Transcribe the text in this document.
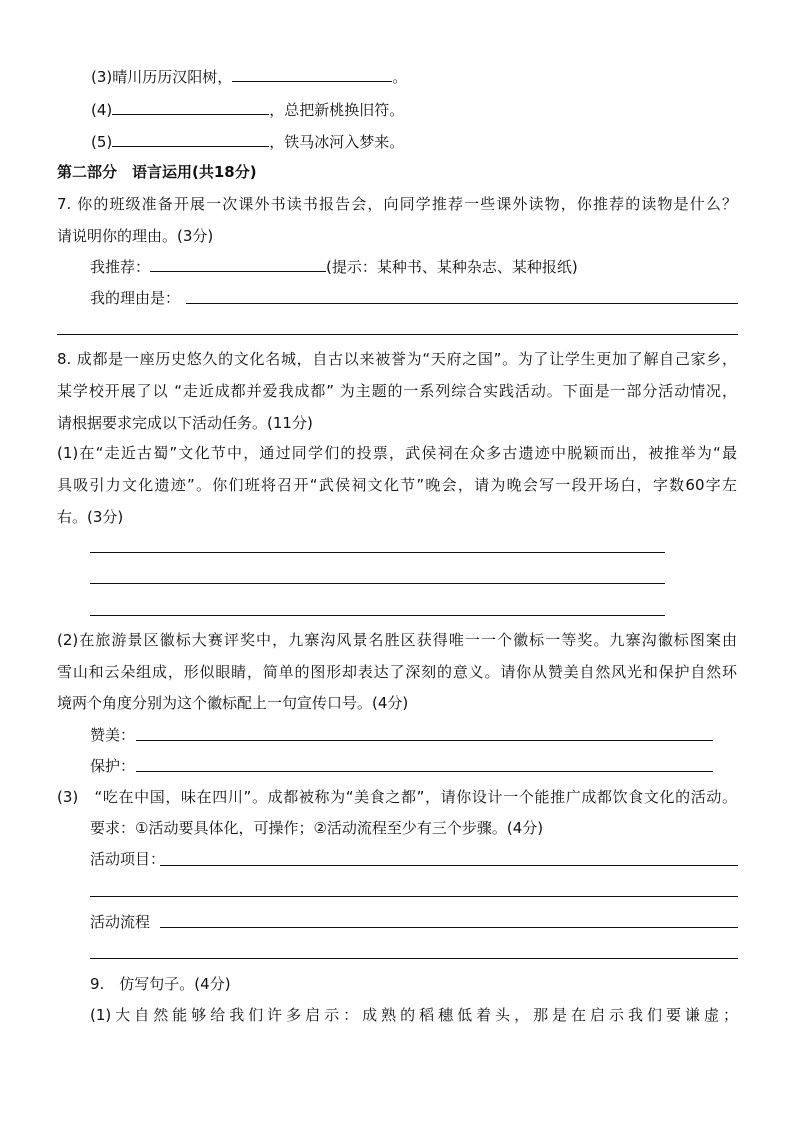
(3)晴川历历汉阳树，	。
(4)	，总把新桃换旧符。
(5)	，铁马冰河入梦来。
第二部分　语言运用(共18分)
7. 你的班级准备开展一次课外书读书报告会，向同学推荐一些课外读物，你推荐的读物是什么？
请说明你的理由。(3分)
我推荐：	(提示：某种书、某种杂志、某种报纸)
我的理由是：
8. 成都是一座历史悠久的文化名城，自古以来被誉为“天府之国”。为了让学生更加了解自己家乡，
某学校开展了以 “走近成都并爱我成都” 为主题的一系列综合实践活动。下面是一部分活动情况，
请根据要求完成以下活动任务。(11分)
(1)在“走近古蜀”文化节中，通过同学们的投票，武侯祠在众多古遗迹中脱颖而出，被推举为“最
具吸引力文化遗迹”。你们班将召开“武侯祠文化节”晚会，请为晚会写一段开场白，字数60字左
右。(3分)
(2)在旅游景区徽标大赛评奖中，九寨沟风景名胜区获得唯一一个徽标一等奖。九寨沟徽标图案由
雪山和云朵组成，形似眼睛，简单的图形却表达了深刻的意义。请你从赞美自然风光和保护自然环
境两个角度分别为这个徽标配上一句宣传口号。(4分)
赞美：
保护：
(3)　“吃在中国，味在四川”。成都被称为“美食之都”，请你设计一个能推广成都饮食文化的活动。
要求：①活动要具体化，可操作；②活动流程至少有三个步骤。(4分)
活动项目：
活动流程
9.　仿写句子。(4分)
(1)大自然能够给我们许多启示：成熟的稻穗低着头，那是在启示我们要谦虚；
